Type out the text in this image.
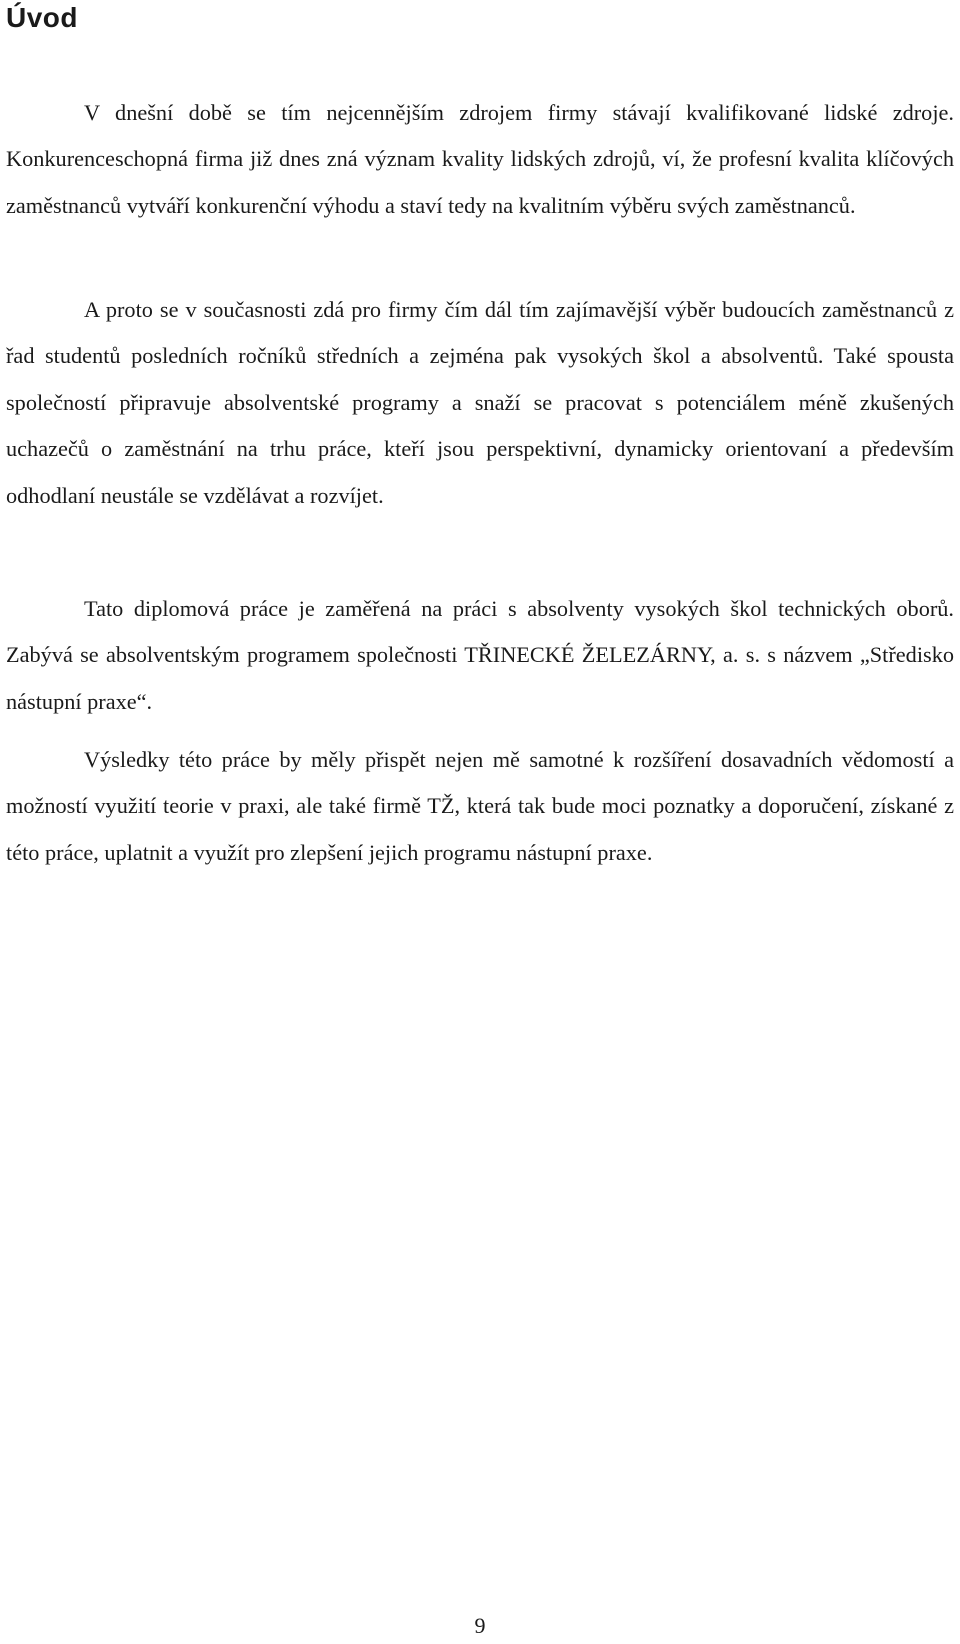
Úvod

V dnešní době se tím nejcennějším zdrojem firmy stávají kvalifikované lidské zdroje. Konkurenceschopná firma již dnes zná význam kvality lidských zdrojů, ví, že profesní kvalita klíčových zaměstnanců vytváří konkurenční výhodu a staví tedy na kvalitním výběru svých zaměstnanců.

A proto se v současnosti zdá pro firmy čím dál tím zajímavější výběr budoucích zaměstnanců z řad studentů posledních ročníků středních a zejména pak vysokých škol a absolventů. Také spousta společností připravuje absolventské programy a snaží se pracovat s potenciálem méně zkušených uchazečů o zaměstnání na trhu práce, kteří jsou perspektivní, dynamicky orientovaní a především odhodlaní neustále se vzdělávat a rozvíjet.

Tato diplomová práce je zaměřená na práci s absolventy vysokých škol technických oborů. Zabývá se absolventským programem společnosti TŘINECKÉ ŽELEZÁRNY, a. s. s názvem „Středisko nástupní praxe“.

Výsledky této práce by měly přispět nejen mě samotné k rozšíření dosavadních vědomostí a možností využití teorie v praxi, ale také firmě TŽ, která tak bude moci poznatky a doporučení, získané z této práce, uplatnit a využít pro zlepšení jejich programu nástupní praxe.

9
